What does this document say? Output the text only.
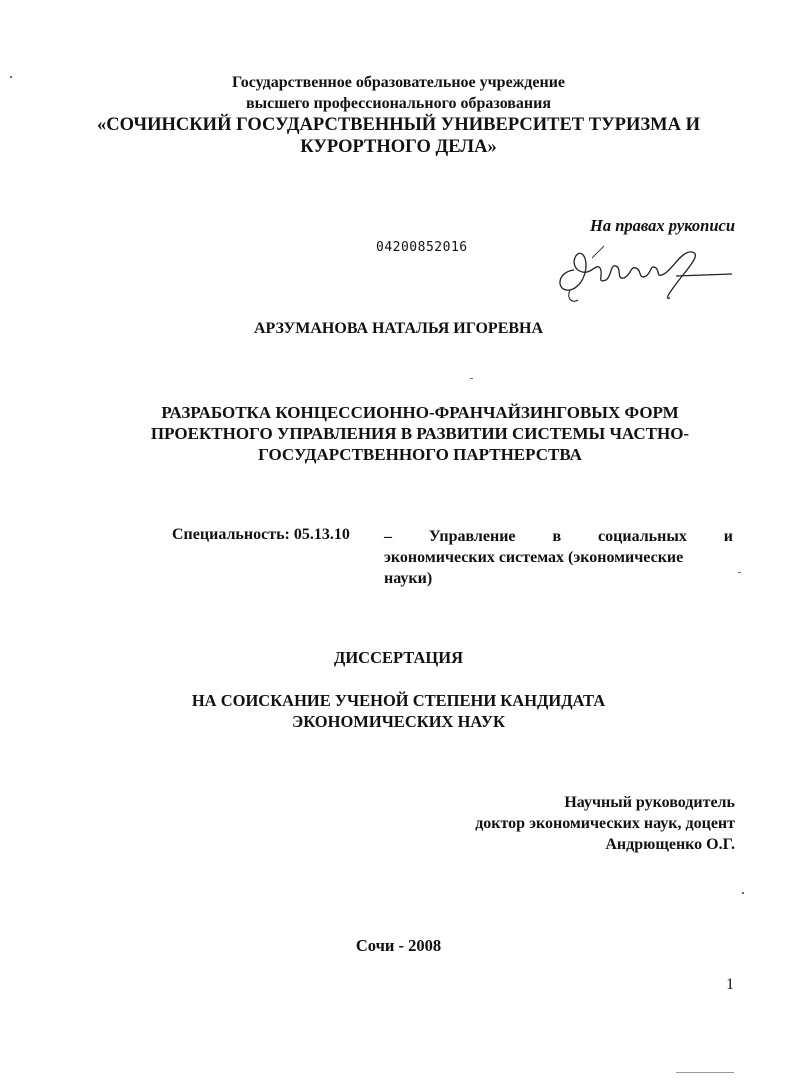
Государственное образовательное учреждение
высшего профессионального образования
«СОЧИНСКИЙ ГОСУДАРСТВЕННЫЙ УНИВЕРСИТЕТ ТУРИЗМА И
КУРОРТНОГО ДЕЛА»
На правах рукописи
04200852016
АРЗУМАНОВА НАТАЛЬЯ ИГОРЕВНА
РАЗРАБОТКА КОНЦЕССИОННО-ФРАНЧАЙЗИНГОВЫХ ФОРМ
ПРОЕКТНОГО УПРАВЛЕНИЯ В РАЗВИТИИ СИСТЕМЫ ЧАСТНО-
ГОСУДАРСТВЕННОГО ПАРТНЕРСТВА
Специальность: 05.13.10 – Управление в социальных и
экономических системах (экономические
науки)
ДИССЕРТАЦИЯ
НА СОИСКАНИЕ УЧЕНОЙ СТЕПЕНИ КАНДИДАТА
ЭКОНОМИЧЕСКИХ НАУК
Научный руководитель
доктор экономических наук, доцент
Андрющенко О.Г.
Сочи - 2008
1
